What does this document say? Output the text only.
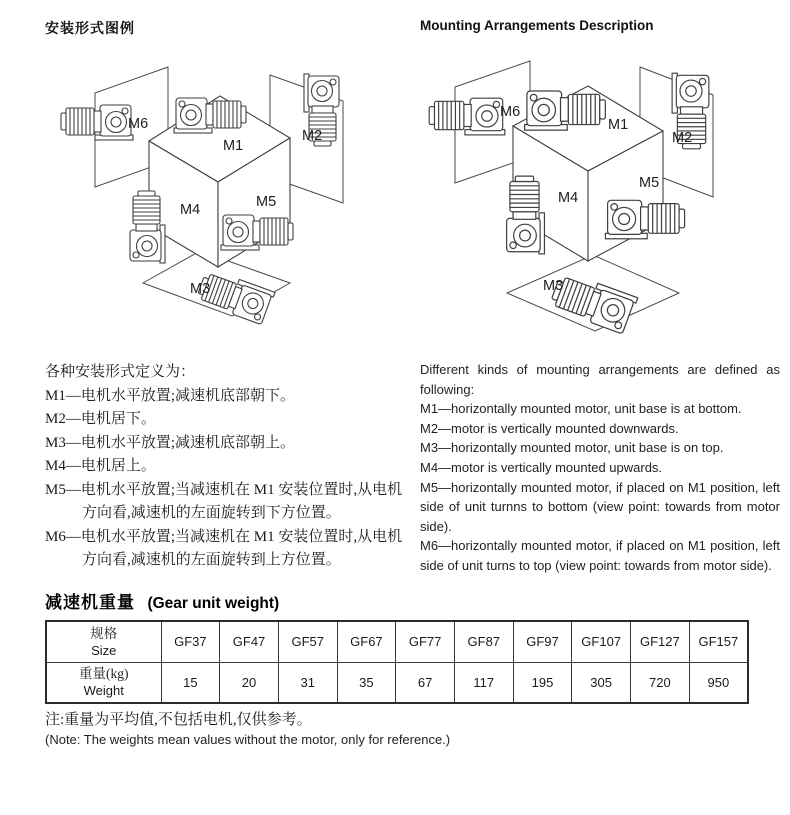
安装形式图例	Mounting Arrangements Description
M1
M2
M3
M4	M5
M6	M1
M2
M3
M4
M5
M6
各种安装形式定义为：
M1—电机水平放置;减速机底部朝下。
M2—电机居下。
M3—电机水平放置;减速机底部朝上。
M4—电机居上。
M5—电机水平放置;当减速机在 M1 安装位置时,从电机方向看,减速机的左面旋转到下方位置。
M6—电机水平放置;当减速机在 M1 安装位置时,从电机方向看,减速机的左面旋转到上方位置。
Different kinds of mounting arrangements are defined as following:
M1—horizontally mounted motor, unit base is at bottom.
M2—motor is vertically mounted downwards.
M3—horizontally mounted motor, unit base is on top.
M4—motor is vertically mounted upwards.
M5—horizontally mounted motor, if placed on M1 position, left side of unit turnns to bottom (view point: towards from motor side).
M6—horizontally mounted motor, if placed on M1 position, left side of unit turns to top (view point: towards from motor side).
减速机重量 (Gear unit weight)
规格
Size	GF37	GF47	GF57	GF67	GF77	GF87	GF97	GF107	GF127	GF157

重量(kg)
Weight	15	20	31	35	67	117	195	305	720	950
注:重量为平均值,不包括电机,仅供参考。
(Note: The weights mean values without the motor, only for reference.)
